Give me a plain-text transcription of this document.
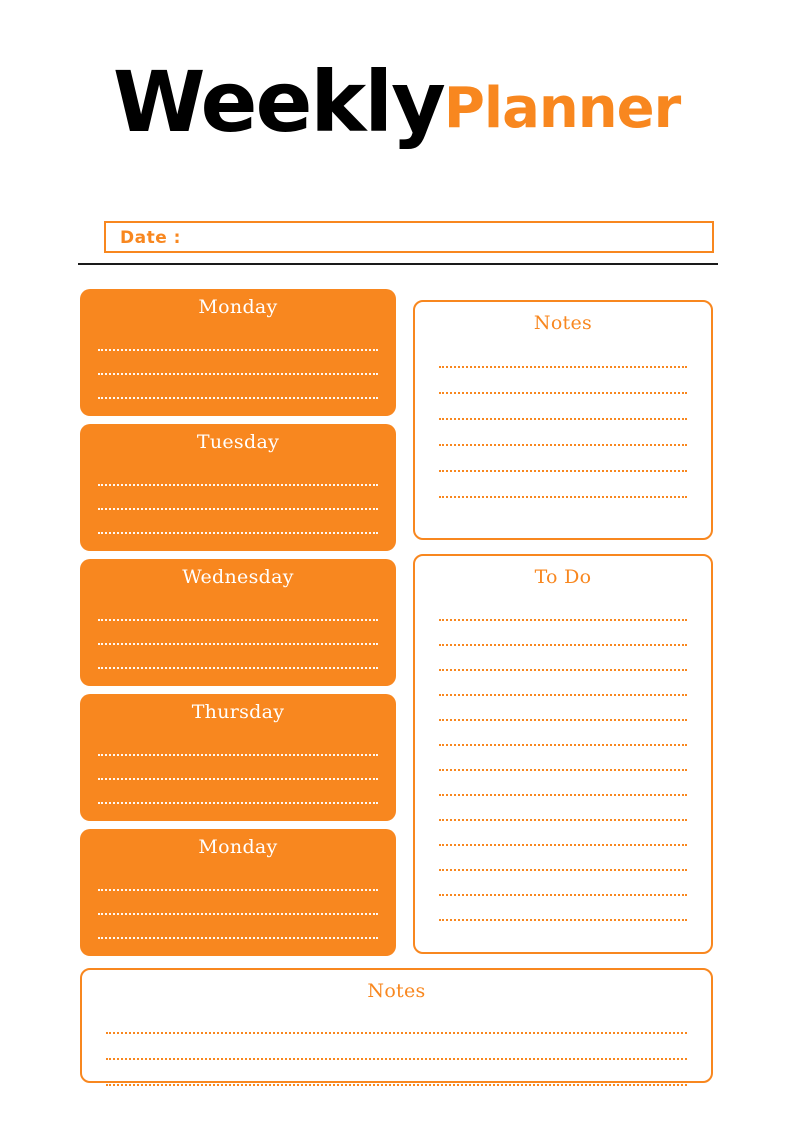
WeeklyPlanner
Date :
Monday
Tuesday
Wednesday
Thursday
Monday
Notes
To Do
Notes
